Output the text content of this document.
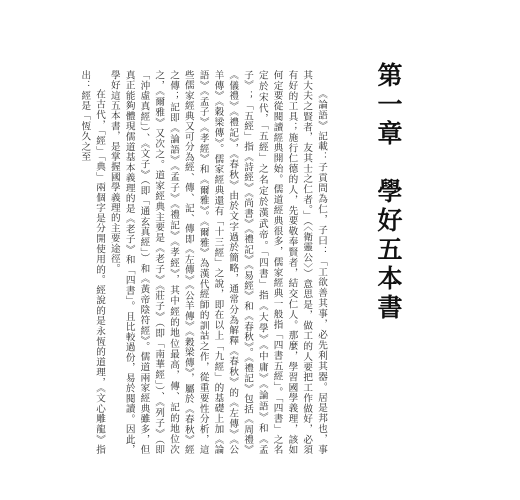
第一章　學好五本書

《論語》記載：子貢問為仁，子曰：「工欲善其事，必先利其器。居是邦也，事其大夫之賢者，友其士之仁者。」（〈衛靈公〉）意思是，做工的人要把工作做好，必須有好的工具；施行仁德的人，先要敬奉賢者，結交仁人。那麼，學習國學義理，該如何定要從閱讀經典開始。儒道經典很多，儒家經典一般指「四書五經」。「四書」之名定於宋代，「五經」之名定於漢武帝。「四書」指《大學》《中庸》《論語》和《孟子》；「五經」指《詩經》《尚書》《禮記》《易經》和《春秋》。《禮記》包括《周禮》《儀禮》《禮記》，《春秋》由於文字過於簡略，通常分為解釋《春秋》的《左傳》《公羊傳》《穀梁傳》。儒家經典還有「十三經」之說，即在以上「九經」的基礎上加《論語》《孟子》《孝經》和《爾雅》。《爾雅》為漢代經師的訓詁之作，從重要性分析，這些儒家經典又可分為經、傳、記、傳即《左傳》《公羊傳》《穀梁傳》，屬於《春秋》經之傳；記即《論語》《孟子》《禮記》《孝經》，其中經的地位最高，傳、記的地位次之，《爾雅》又次之。道家經典主要是《老子》《莊子》（即「南華經」）、《列子》（即「沖虛真經」）、《文子》（即「通玄真經」）和《黃帝陰符經》。儒道兩家經典雖多，但真正能夠體現儒道基本義理的是《老子》和「四書」。且比較過份，易於閱讀。因此，學好這五本書，是掌握國學義理的主要途徑。

在古代，「經」「典」兩個字是分開使用的。經說的是永恆的道理，《文心雕龍》指出：經是「恆久之至
